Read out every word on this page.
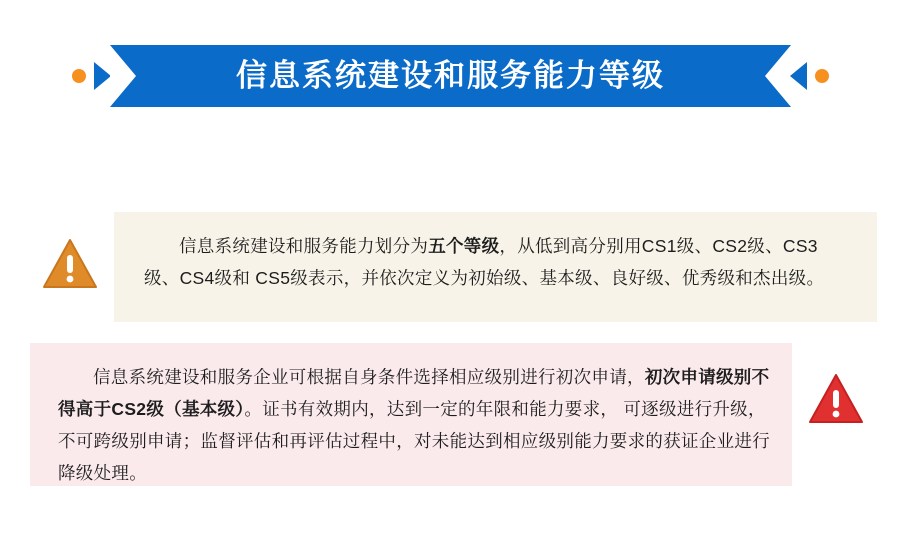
信息系统建设和服务能力等级

信息系统建设和服务能力划分为五个等级，从低到高分别用CS1级、CS2级、CS3级、CS4级和 CS5级表示，并依次定义为初始级、基本级、良好级、优秀级和杰出级。

信息系统建设和服务企业可根据自身条件选择相应级别进行初次申请，初次申请级别不得高于CS2级（基本级）。证书有效期内，达到一定的年限和能力要求， 可逐级进行升级，不可跨级别申请；监督评估和再评估过程中，对未能达到相应级别能力要求的获证企业进行降级处理。
